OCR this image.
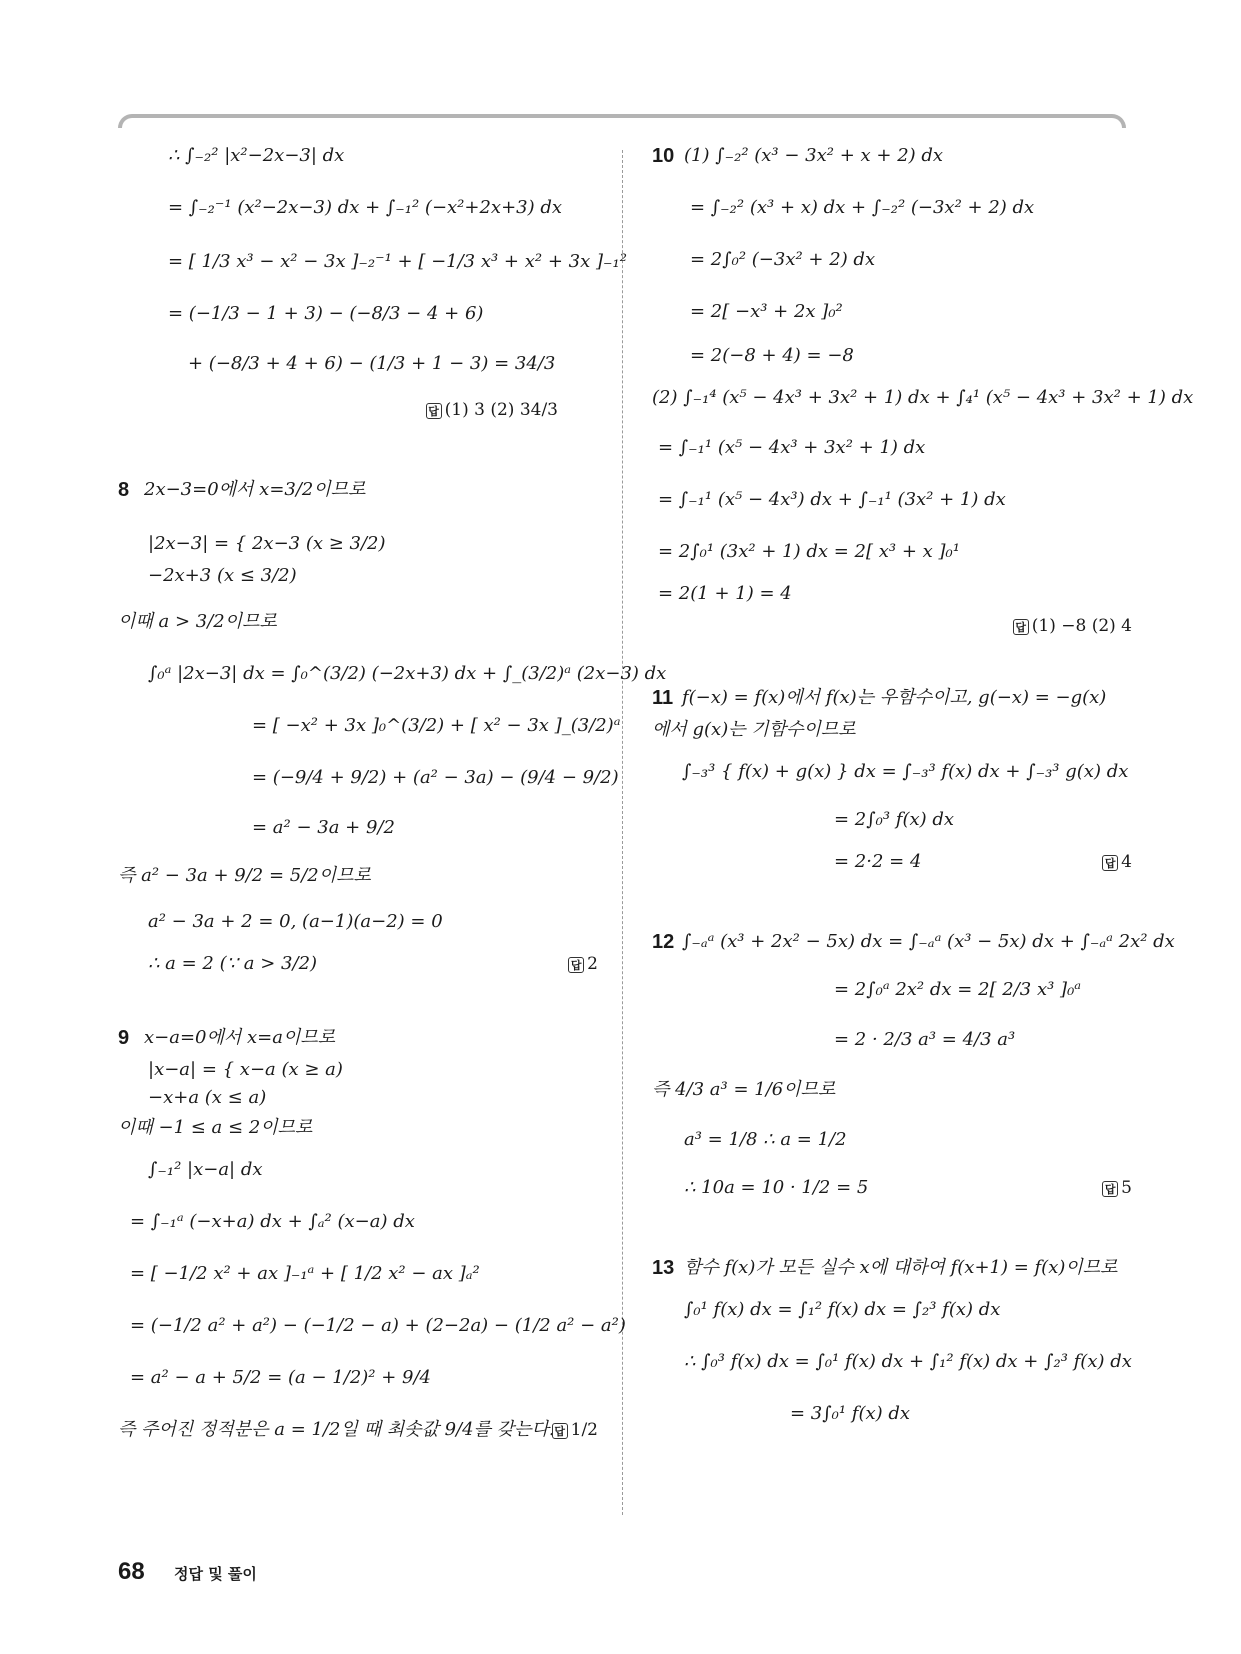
∴ ∫₋₂² |x²−2x−3| dx
= ∫₋₂⁻¹ (x²−2x−3) dx + ∫₋₁² (−x²+2x+3) dx
= [ 1/3 x³ − x² − 3x ]₋₂⁻¹ + [ −1/3 x³ + x² + 3x ]₋₁²
= (−1/3 − 1 + 3) − (−8/3 − 4 + 6)
+ (−8/3 + 4 + 6) − (1/3 + 1 − 3) = 34/3
답 (1) 3 (2) 34/3
8 2x−3=0에서 x=3/2이므로
|2x−3| = { 2x−3 (x ≥ 3/2)
−2x+3 (x ≤ 3/2)
이때 a > 3/2이므로
∫₀ᵃ |2x−3| dx = ∫₀^(3/2) (−2x+3) dx + ∫_(3/2)ᵃ (2x−3) dx
= [ −x² + 3x ]₀^(3/2) + [ x² − 3x ]_(3/2)ᵃ
= (−9/4 + 9/2) + (a² − 3a) − (9/4 − 9/2)
= a² − 3a + 9/2
즉 a² − 3a + 9/2 = 5/2이므로
a² − 3a + 2 = 0, (a−1)(a−2) = 0
∴ a = 2 (∵ a > 3/2)	답 2
9 x−a=0에서 x=a이므로
|x−a| = { x−a (x ≥ a)
−x+a (x ≤ a)
이때 −1 ≤ a ≤ 2이므로
∫₋₁² |x−a| dx
= ∫₋₁ᵃ (−x+a) dx + ∫ₐ² (x−a) dx
= [ −1/2 x² + ax ]₋₁ᵃ + [ 1/2 x² − ax ]ₐ²
= (−1/2 a² + a²) − (−1/2 − a) + (2−2a) − (1/2 a² − a²)
= a² − a + 5/2 = (a − 1/2)² + 9/4
즉 주어진 정적분은 a = 1/2일 때 최솟값 9/4를 갖는다. 답 1/2
10 (1) ∫₋₂² (x³ − 3x² + x + 2) dx
= ∫₋₂² (x³ + x) dx + ∫₋₂² (−3x² + 2) dx
= 2∫₀² (−3x² + 2) dx
= 2[ −x³ + 2x ]₀²
= 2(−8 + 4) = −8
(2) ∫₋₁⁴ (x⁵ − 4x³ + 3x² + 1) dx + ∫₄¹ (x⁵ − 4x³ + 3x² + 1) dx
= ∫₋₁¹ (x⁵ − 4x³ + 3x² + 1) dx
= ∫₋₁¹ (x⁵ − 4x³) dx + ∫₋₁¹ (3x² + 1) dx
= 2∫₀¹ (3x² + 1) dx = 2[ x³ + x ]₀¹
= 2(1 + 1) = 4
답 (1) −8 (2) 4
11 f(−x) = f(x)에서 f(x)는 우함수이고, g(−x) = −g(x)
에서 g(x)는 기함수이므로
∫₋₃³ { f(x) + g(x) } dx = ∫₋₃³ f(x) dx + ∫₋₃³ g(x) dx
= 2∫₀³ f(x) dx
= 2·2 = 4	답 4
12 ∫₋ₐᵃ (x³ + 2x² − 5x) dx = ∫₋ₐᵃ (x³ − 5x) dx + ∫₋ₐᵃ 2x² dx
= 2∫₀ᵃ 2x² dx = 2[ 2/3 x³ ]₀ᵃ
= 2 · 2/3 a³ = 4/3 a³
즉 4/3 a³ = 1/6이므로
a³ = 1/8 ∴ a = 1/2
∴ 10a = 10 · 1/2 = 5	답 5
13 함수 f(x)가 모든 실수 x에 대하여 f(x+1) = f(x)이므로
∫₀¹ f(x) dx = ∫₁² f(x) dx = ∫₂³ f(x) dx
∴ ∫₀³ f(x) dx = ∫₀¹ f(x) dx + ∫₁² f(x) dx + ∫₂³ f(x) dx
= 3∫₀¹ f(x) dx
68 정답 및 풀이
